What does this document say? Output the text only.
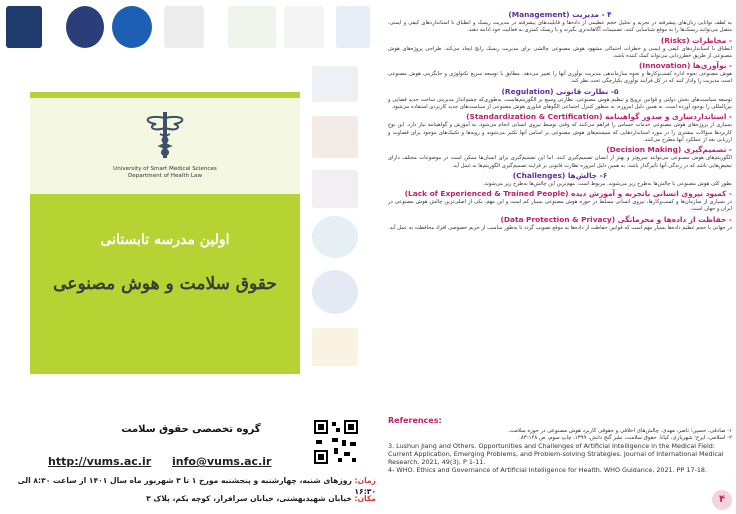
University of Smart Medical Sciences
Department of Health Law
اولین مدرسه تابستانی
حقوق سلامت و هوش مصنوعی
گروه تخصصی حقوق سلامت
http://vums.ac.ir info@vums.ac.ir
زمان: روزهای شنبه، چهارشنبه و پنجشنبه مورخ ۱ تا ۳ شهریور ماه سال ۱۴۰۱ از ساعت ۸:۳۰ الی ۱۶:۳۰
مکان: خیابان شهیدبهشتی، خیابان سرافراز، کوچه یکم، پلاک ۳

۴ - مدیریت (Management)

به لطف توانایی زبان‌های پیشرفته در تجزیه و تحلیل حجم عظیمی از داده‌ها و قابلیت‌های پیشرفته در مدیریت ریسک و انطباق با استانداردهای کیفی و ایمنی، متقبل می‌توانند ریسک‌ها را به موقع شناسایی کنند، تصمیمات آگاهانه‌تری بگیرند و با ریسک کمتری به فعالیت خود ادامه دهند.

- مخاطرات (Risks)

انطباق با استانداردهای کیفی و ایمنی و خطرات احتمالی مشهود هوش مصنوعی چالشی برای مدیریت ریسک رایج ایجاد می‌کند. طراحی پروژه‌های هوش مصنوعی از طریق خطرزدایی می‌تواند کمک کننده باشد.

- نوآوری‌ها (Innovation)

هوش مصنوعی نحوه اداره کسب‌وکارها و نحوه سازماندهی مدیریت نوآوری آنها را تغییر می‌دهد. مطابق با توسعه سریع تکنولوژی و جایگزینی هوش مصنوعی است مدیریت را وادار کنند که در کل فرآیند نوآوری یکپارچگی تحت نظر کند.

۵- نظارت قانونی (Regulation)

توسعه سیاست‌های بخش دولتی و قوانین ترویج و تنظیم هوش مصنوعی، نظارتی وسیع بر الگوریتم‌هاست. به‌طوری‌که چشم‌انداز مدیریتی ساخت جدید قضایی و بین‌المللی را بوجود آورده است. به همین دلیل امروزه، به منظور کنترل اجتماعی الگوهای فناوری هوش مصنوعی از سیاست‌های جدید کاربردی استفاده می‌شود.

- استانداردسازی و صدور گواهینامه (Standardization & Certification)

بسیاری از پروژه‌های هوش مصنوعی خدمات حساس را فراهم می‌کنند که وقتی توسط نیروی انسانی انجام می‌شود، به آموزش و گواهینامه نیاز دارد. این نوع کاربردها سؤالات بیشتری را در مورد استانداردهایی که سیستم‌های هوش مصنوعی بر اساس آنها تکثیر می‌شوند و رویه‌ها و تکنیک‌های موجود برای قضاوت و ارزیابی بعد از عملکرد آنها مطرح می‌کنند.

- تصمیم‌گیری (Decision Making)

الگوریتم‌های هوش مصنوعی می‌توانند سریع‌تر و بهتر از انسان تصمیم‌گیری کنند. اما این تصمیم‌گیری برای انسان‌ها ممکن است در موضوعات مختلف دارای تبعیض‌هایی باشد که در زندگی آنها تأثیرگذار باشد. به همین دلیل امروزه نظارت قانونی بر فرایند تصمیم‌گیری الگوریتم‌ها به عمل آید.

۶- چالش‌ها (Challenges)

بطور کلی هوش مصنوعی با چالش‌ها به‌طرح زیر می‌شوند. مربوط است. مهم‌ترین این چالش‌ها به‌طرح زیر می‌شوند.

- کمبود نیروی انسانی باتجربه و آموزش دیده (Lack of Experienced & Trained People)

در بسیاری از سازمان‌ها و کسب‌وکارها، نیروی انسانی مسلط در حوزه هوش مصنوعی بسیار کم است و این مهم، یکی از اصلی‌ترین چالش هوش مصنوعی در ایران و جهان است.

- حفاظت از داده‌ها و محرمانگی (Data Protection & Privacy)

در جهانی با حجم عظیم داده‌ها بسیار مهم است که قوانین حفاظت از داده‌ها به موقع تصویب گردد تا به‌طور مناسب از حریم خصوصی افراد محافظت به عمل آید.

References:
۱- صادقی، حسین؛ ناصر، مهدی. چالش‌های اخلاقی و حقوقی کاربرد هوش مصنوعی در حوزه سلامت.
۲- اسلامی، ایرج؛ شهریاری، کیانا. حقوق سلامت، نشر گنج دانش، ۱۳۹۹، چاپ سوم، ص ۱۴۸-۸۳.
3. Lushun Jiang and Others. Opportunities and Challenges of Artificial Intelligence in the Medical Field: Current Application, Emerging Problems, and Problem-solving Strategies. Journal of International Medical Research, 2021, 49(3), P 1-11.
4- WHO. Ethics and Governance of Artificial Intelligence for Health. WHO Guidance, 2021. PP 17-18.
۴
